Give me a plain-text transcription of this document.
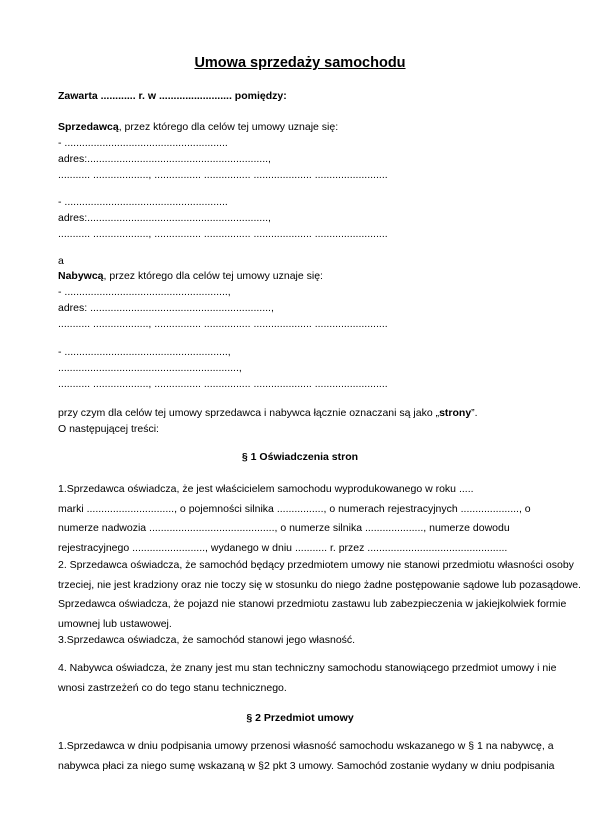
Umowa sprzedaży samochodu
Zawarta ............ r. w ......................... pomiędzy:
Sprzedawcą, przez którego dla celów tej umowy uznaje się:
- ........................................................
adres:..............................................................,
........... ..................., ................ ................ .................... .........................
- ........................................................
adres:..............................................................,
........... ..................., ................ ................ .................... .........................
a
Nabywcą, przez którego dla celów tej umowy uznaje się:
- ........................................................,
adres: ..............................................................,
........... ..................., ................ ................ .................... .........................
- ........................................................,
..............................................................,
........... ..................., ................ ................ .................... .........................
przy czym dla celów tej umowy sprzedawca i nabywca łącznie oznaczani są jako „strony”.
O następującej treści:
§ 1 Oświadczenia stron
1.Sprzedawca oświadcza, że jest właścicielem samochodu wyprodukowanego w roku .....
marki .............................., o pojemności silnika ................, o numerach rejestracyjnych ...................., o
numerze nadwozia ..........................................., o numerze silnika ...................., numerze dowodu
rejestracyjnego ........................., wydanego w dniu ........... r. przez ................................................
2. Sprzedawca oświadcza, że samochód będący przedmiotem umowy nie stanowi przedmiotu własności osoby
trzeciej, nie jest kradziony oraz nie toczy się w stosunku do niego żadne postępowanie sądowe lub pozasądowe.
Sprzedawca oświadcza, że pojazd nie stanowi przedmiotu zastawu lub zabezpieczenia w jakiejkolwiek formie
umownej lub ustawowej.
3.Sprzedawca oświadcza, że samochód stanowi jego własność.
4. Nabywca oświadcza, że znany jest mu stan techniczny samochodu stanowiącego przedmiot umowy i nie
wnosi zastrzeżeń co do tego stanu technicznego.
§ 2 Przedmiot umowy
1.Sprzedawca w dniu podpisania umowy przenosi własność samochodu wskazanego w § 1 na nabywcę, a
nabywca płaci za niego sumę wskazaną w §2 pkt 3 umowy. Samochód zostanie wydany w dniu podpisania
